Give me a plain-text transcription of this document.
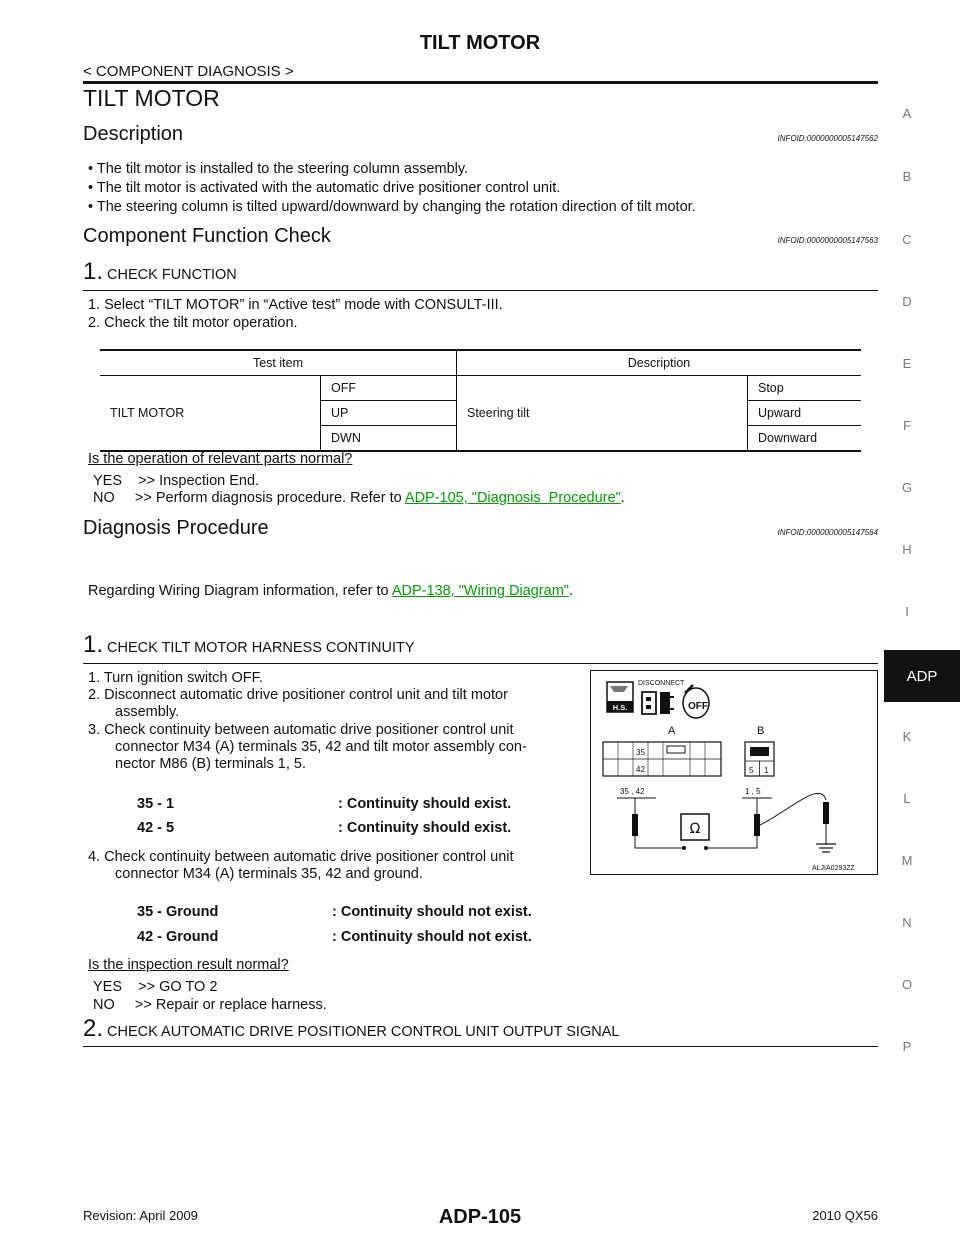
TILT MOTOR
< COMPONENT DIAGNOSIS >
A
B
C
D
E
F
G
H
I
ADP
K
L
M
N
O
P
TILT MOTOR
Description	INFOID:0000000005147562
• The tilt motor is installed to the steering column assembly.
• The tilt motor is activated with the automatic drive positioner control unit.
• The steering column is tilted upward/downward by changing the rotation direction of tilt motor.
Component Function Check	INFOID:0000000005147563
1. CHECK FUNCTION
1. Select “TILT MOTOR” in “Active test” mode with CONSULT-III.
2. Check the tilt motor operation.
Test item		Description	
TILT MOTOR	OFF	Steering tilt	Stop
	UP		Upward
	DWN		Downward
Is the operation of relevant parts normal?
YES    >> Inspection End.
NO     >> Perform diagnosis procedure. Refer to ADP-105, "Diagnosis  Procedure".
Diagnosis Procedure	INFOID:0000000005147564
Regarding Wiring Diagram information, refer to ADP-138, "Wiring Diagram".
1. CHECK TILT MOTOR HARNESS CONTINUITY
1. Turn ignition switch OFF.
2. Disconnect automatic drive positioner control unit and tilt motor
assembly.
3. Check continuity between automatic drive positioner control unit
connector M34 (A) terminals 35, 42 and tilt motor assembly con-
nector M86 (B) terminals 1, 5.
35 - 1	: Continuity should exist.
42 - 5	: Continuity should exist.
4. Check continuity between automatic drive positioner control unit
connector M34 (A) terminals 35, 42 and ground.
35 - Ground	: Continuity should not exist.
42 - Ground	: Continuity should not exist.
Is the inspection result normal?
YES    >> GO TO 2
NO     >> Repair or replace harness.
2. CHECK AUTOMATIC DRIVE POSITIONER CONTROL UNIT OUTPUT SIGNAL
H.S.
DISCONNECT
OFF
A
35
42
B
5 1
35 , 42	1 , 5
Ω
ALJIA0293ZZ
Revision: April 2009	ADP-105	2010 QX56
